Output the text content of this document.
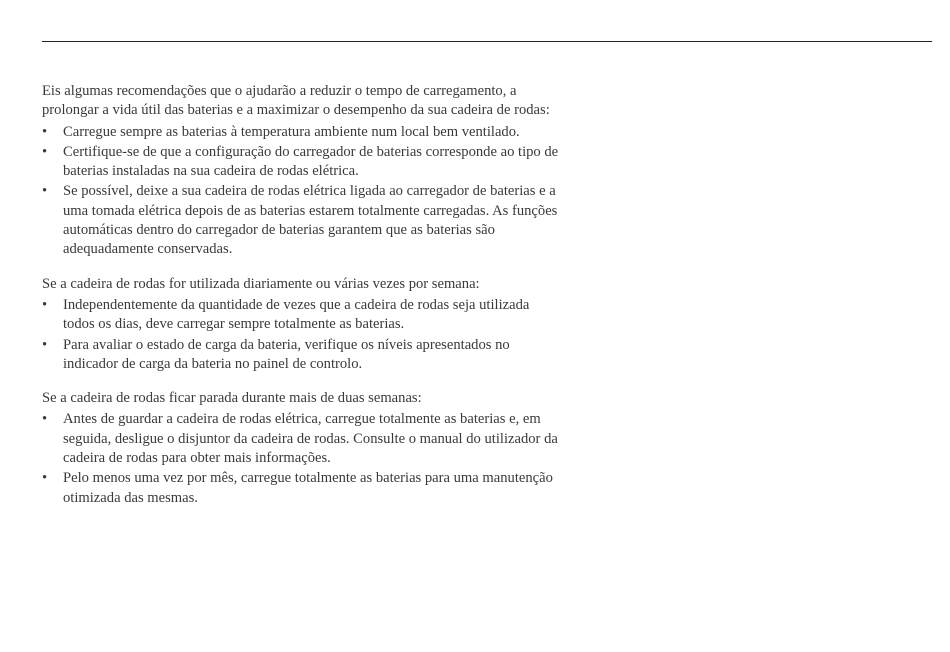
Eis algumas recomendações que o ajudarão a reduzir o tempo de carregamento, a prolongar a vida útil das baterias e a maximizar o desempenho da sua cadeira de rodas:

• Carregue sempre as baterias à temperatura ambiente num local bem ventilado.
• Certifique-se de que a configuração do carregador de baterias corresponde ao tipo de baterias instaladas na sua cadeira de rodas elétrica.
• Se possível, deixe a sua cadeira de rodas elétrica ligada ao carregador de baterias e a uma tomada elétrica depois de as baterias estarem totalmente carregadas. As funções automáticas dentro do carregador de baterias garantem que as baterias são adequadamente conservadas.

Se a cadeira de rodas for utilizada diariamente ou várias vezes por semana:

• Independentemente da quantidade de vezes que a cadeira de rodas seja utilizada todos os dias, deve carregar sempre totalmente as baterias.
• Para avaliar o estado de carga da bateria, verifique os níveis apresentados no indicador de carga da bateria no painel de controlo.

Se a cadeira de rodas ficar parada durante mais de duas semanas:

• Antes de guardar a cadeira de rodas elétrica, carregue totalmente as baterias e, em seguida, desligue o disjuntor da cadeira de rodas. Consulte o manual do utilizador da cadeira de rodas para obter mais informações.
• Pelo menos uma vez por mês, carregue totalmente as baterias para uma manutenção otimizada das mesmas.
